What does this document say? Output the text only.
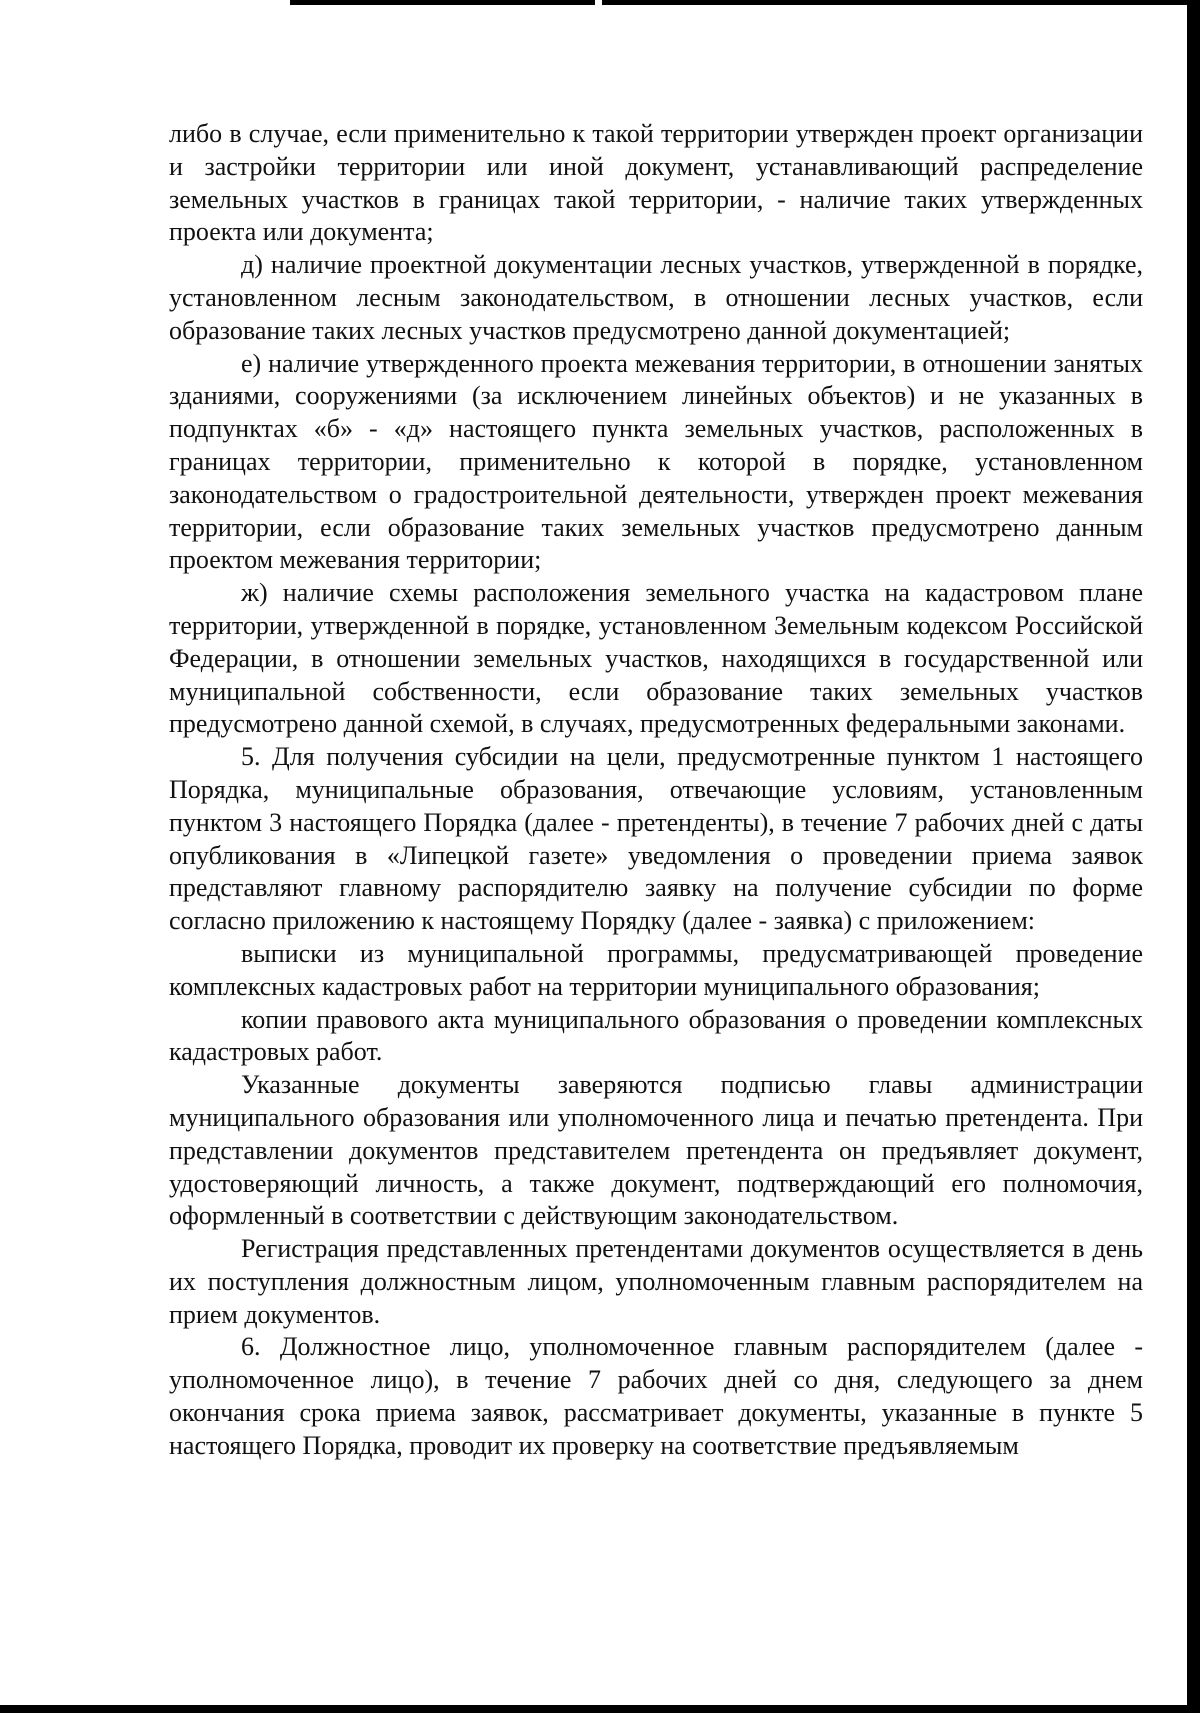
либо в случае, если применительно к такой территории утвержден проект организации и застройки территории или иной документ, устанавливающий распределение земельных участков в границах такой территории, - наличие таких утвержденных проекта или документа;

д) наличие проектной документации лесных участков, утвержденной в порядке, установленном лесным законодательством, в отношении лесных участков, если образование таких лесных участков предусмотрено данной документацией;

е) наличие утвержденного проекта межевания территории, в отношении занятых зданиями, сооружениями (за исключением линейных объектов) и не указанных в подпунктах «б» - «д» настоящего пункта земельных участков, расположенных в границах территории, применительно к которой в порядке, установленном законодательством о градостроительной деятельности, утвержден проект межевания территории, если образование таких земельных участков предусмотрено данным проектом межевания территории;

ж) наличие схемы расположения земельного участка на кадастровом плане территории, утвержденной в порядке, установленном Земельным кодексом Российской Федерации, в отношении земельных участков, находящихся в государственной или муниципальной собственности, если образование таких земельных участков предусмотрено данной схемой, в случаях, предусмотренных федеральными законами.

5. Для получения субсидии на цели, предусмотренные пунктом 1 настоящего Порядка, муниципальные образования, отвечающие условиям, установленным пунктом 3 настоящего Порядка (далее - претенденты), в течение 7 рабочих дней с даты опубликования в «Липецкой газете» уведомления о проведении приема заявок представляют главному распорядителю заявку на получение субсидии по форме согласно приложению к настоящему Порядку (далее - заявка) с приложением:

выписки из муниципальной программы, предусматривающей проведение комплексных кадастровых работ на территории муниципального образования;

копии правового акта муниципального образования о проведении комплексных кадастровых работ.

Указанные документы заверяются подписью главы администрации муниципального образования или уполномоченного лица и печатью претендента. При представлении документов представителем претендента он предъявляет документ, удостоверяющий личность, а также документ, подтверждающий его полномочия, оформленный в соответствии с действующим законодательством.

Регистрация представленных претендентами документов осуществляется в день их поступления должностным лицом, уполномоченным главным распорядителем на прием документов.

6. Должностное лицо, уполномоченное главным распорядителем (далее - уполномоченное лицо), в течение 7 рабочих дней со дня, следующего за днем окончания срока приема заявок, рассматривает документы, указанные в пункте 5 настоящего Порядка, проводит их проверку на соответствие предъявляемым
